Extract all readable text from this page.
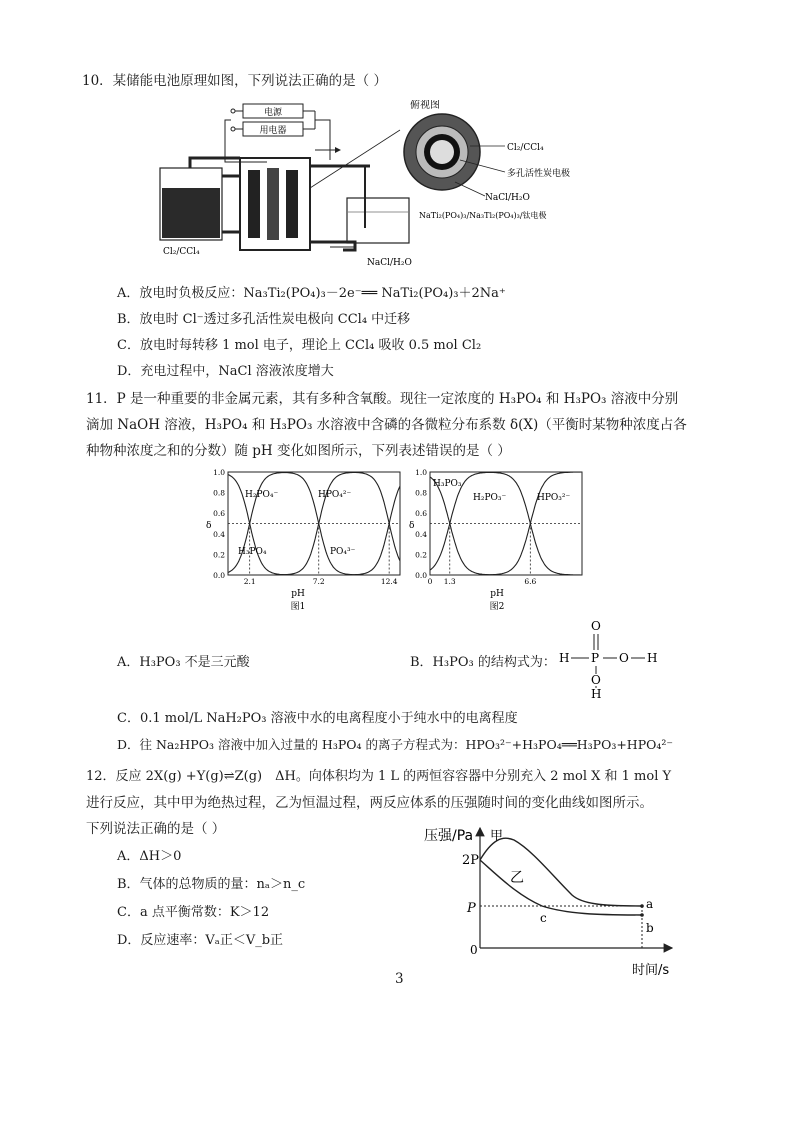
10．某储能电池原理如图，下列说法正确的是（ ）
电源
用电器
Cl₂/CCl₄
NaCl/H₂O
俯视图
Cl₂/CCl₄
多孔活性炭电极
NaCl/H₂O
NaTi₂(PO₄)₃/Na₃Ti₂(PO₄)₃/钛电极
A．放电时负极反应：Na₃Ti₂(PO₄)₃－2e⁻══ NaTi₂(PO₄)₃＋2Na⁺
B．放电时 Cl⁻透过多孔活性炭电极向 CCl₄ 中迁移
C．放电时每转移 1 mol 电子，理论上 CCl₄ 吸收 0.5 mol Cl₂
D．充电过程中，NaCl 溶液浓度增大
11．P 是一种重要的非金属元素，其有多种含氧酸。现往一定浓度的 H₃PO₄ 和 H₃PO₃ 溶液中分别
滴加 NaOH 溶液，H₃PO₄ 和 H₃PO₃ 水溶液中含磷的各微粒分布系数 δ(X)（平衡时某物种浓度占各
种物种浓度之和的分数）随 pH 变化如图所示，下列表述错误的是（ ）
0.0
0.2
0.4
0.6
0.8
1.0
2.1	7.2	12.4
δ
H₂PO₄⁻	HPO₄²⁻
H₃PO₄	PO₄³⁻
pH
图1
0.0
0.2
0.4
0.6
0.8
1.0
0 1.3	6.6
δ
H₃PO₃
H₂PO₃⁻	HPO₃²⁻
pH
图2
A．H₃PO₃ 不是三元酸	B．H₃PO₃ 的结构式为：
O
H P O H
O
H
C．0.1 mol/L NaH₂PO₃ 溶液中水的电离程度小于纯水中的电离程度
D．往 Na₂HPO₃ 溶液中加入过量的 H₃PO₄ 的离子方程式为：HPO₃²⁻+H₃PO₄══H₃PO₃+HPO₄²⁻
12．反应 2X(g) +Y(g)⇌Z(g)　ΔH。向体积均为 1 L 的两恒容容器中分别充入 2 mol X 和 1 mol Y
进行反应，其中甲为绝热过程，乙为恒温过程，两反应体系的压强随时间的变化曲线如图所示。
下列说法正确的是（ ）
A．ΔH＞0
B．气体的总物质的量：nₐ＞n_c
C．a 点平衡常数：K＞12
D．反应速率：Vₐ正＜V_b正
压强/Pa 甲
乙
2P
P
0
a
b
c
时间/s
3
